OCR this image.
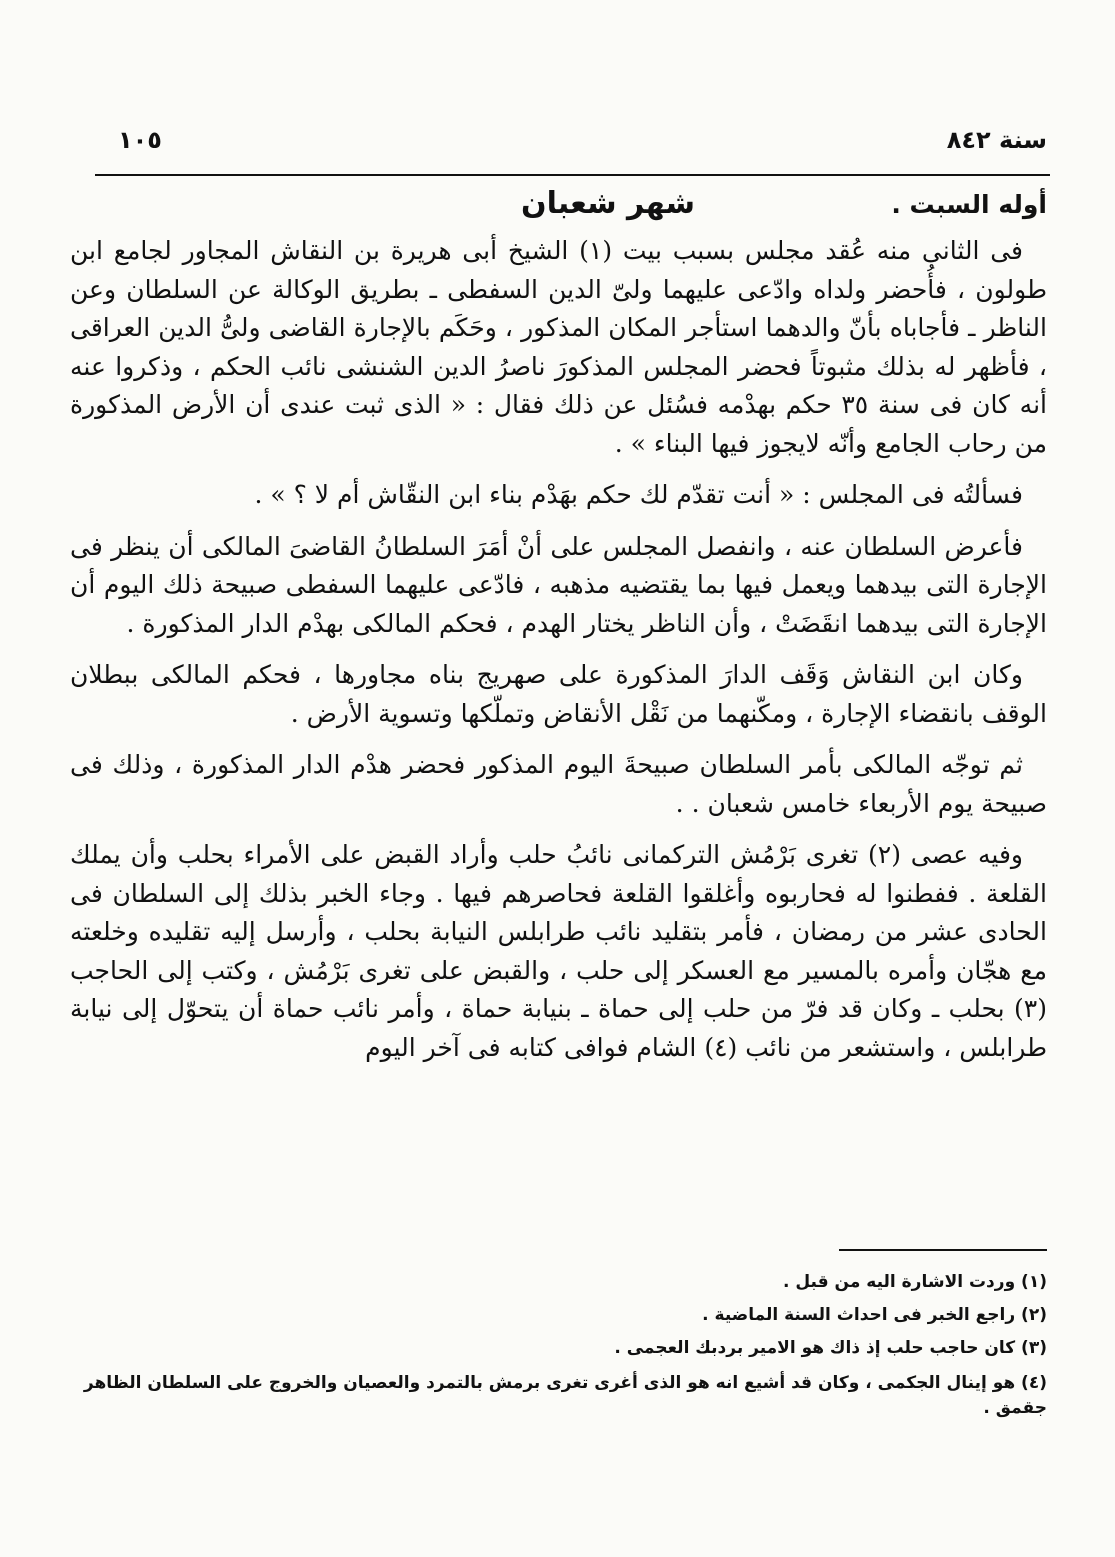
سنة ٨٤٢
١٠٥
أوله السبت .
شهر شعبان

فى الثانى منه عُقد مجلس بسبب بيت (١) الشيخ أبى هريرة بن النقاش المجاور لجامع ابن طولون ، فأُحضر ولداه وادّعى عليهما ولىّ الدين السفطى ـ بطريق الوكالة عن السلطان وعن الناظر ـ فأجاباه بأنّ والدهما استأجر المكان المذكور ، وحَكَم بالإجارة القاضى ولىُّ الدين العراقى ، فأظهر له بذلك مثبوتاً فحضر المجلس المذكورَ ناصرُ الدين الشنشى نائب الحكم ، وذكروا عنه أنه كان فى سنة ٣٥ حكم بهدْمه فسُئل عن ذلك فقال : « الذى ثبت عندى أن الأرض المذكورة من رحاب الجامع وأنّه لايجوز فيها البناء » .

فسألتُه فى المجلس : « أنت تقدّم لك حكم بهَدْم بناء ابن النقّاش أم لا ؟ » .

فأعرض السلطان عنه ، وانفصل المجلس على أنْ أمَرَ السلطانُ القاضىَ المالكى أن ينظر فى الإجارة التى بيدهما ويعمل فيها بما يقتضيه مذهبه ، فادّعى عليهما السفطى صبيحة ذلك اليوم أن الإجارة التى بيدهما انقَضَتْ ، وأن الناظر يختار الهدم ، فحكم المالكى بهدْم الدار المذكورة .

وكان ابن النقاش وَقَف الدارَ المذكورة على صهريج بناه مجاورها ، فحكم المالكى ببطلان الوقف بانقضاء الإجارة ، ومكّنهما من نَقْل الأنقاض وتملّكها وتسوية الأرض .

ثم توجّه المالكى بأمر السلطان صبيحةَ اليوم المذكور فحضر هدْم الدار المذكورة ، وذلك فى صبيحة يوم الأربعاء خامس شعبان . .

وفيه عصى (٢) تغرى بَرْمُش التركمانى نائبُ حلب وأراد القبض على الأمراء بحلب وأن يملك القلعة . ففطنوا له فحاربوه وأغلقوا القلعة فحاصرهم فيها . وجاء الخبر بذلك إلى السلطان فى الحادى عشر من رمضان ، فأمر بتقليد نائب طرابلس النيابة بحلب ، وأرسل إليه تقليده وخلعته مع هجّان وأمره بالمسير مع العسكر إلى حلب ، والقبض على تغرى بَرْمُش ، وكتب إلى الحاجب (٣) بحلب ـ وكان قد فرّ من حلب إلى حماة ـ بنيابة حماة ، وأمر نائب حماة أن يتحوّل إلى نيابة طرابلس ، واستشعر من نائب (٤) الشام فوافى كتابه فى آخر اليوم

(١) وردت الاشارة اليه من قبل .

(٢) راجع الخبر فى احداث السنة الماضية .

(٣) كان حاجب حلب إذ ذاك هو الامير بردبك العجمى .

(٤) هو إينال الجكمى ، وكان قد أشيع انه هو الذى أغرى تغرى برمش بالتمرد والعصيان والخروج على السلطان الظاهر جقمق .
